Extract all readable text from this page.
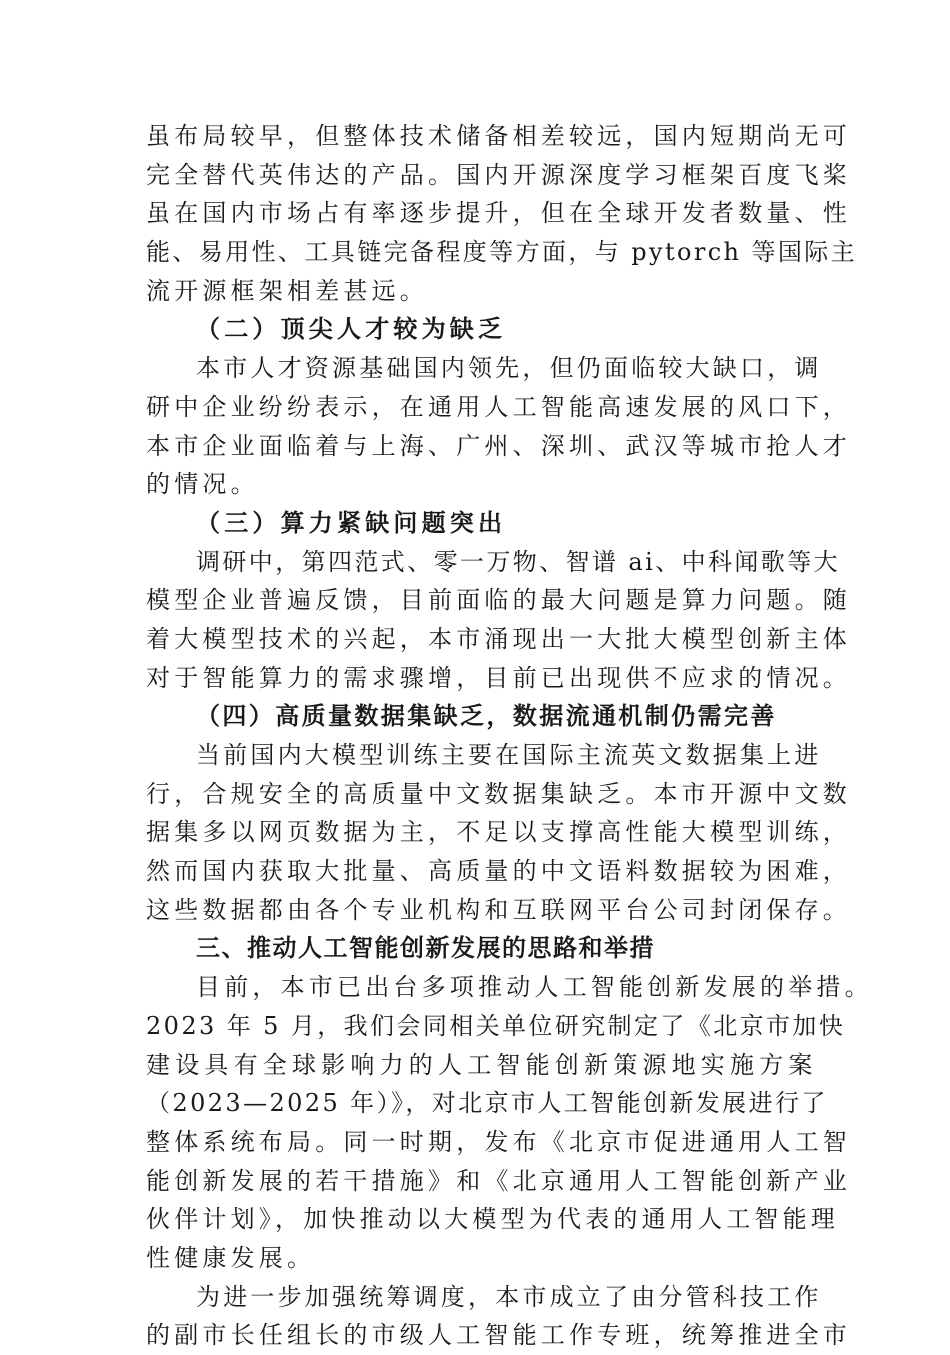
虽布局较早，但整体技术储备相差较远，国内短期尚无可
完全替代英伟达的产品。国内开源深度学习框架百度飞桨
虽在国内市场占有率逐步提升，但在全球开发者数量、性
能、易用性、工具链完备程度等方面，与 pytorch 等国际主
流开源框架相差甚远。
（二）顶尖人才较为缺乏
本市人才资源基础国内领先，但仍面临较大缺口，调
研中企业纷纷表示，在通用人工智能高速发展的风口下，
本市企业面临着与上海、广州、深圳、武汉等城市抢人才
的情况。
（三）算力紧缺问题突出
调研中，第四范式、零一万物、智谱 ai、中科闻歌等大
模型企业普遍反馈，目前面临的最大问题是算力问题。随
着大模型技术的兴起，本市涌现出一大批大模型创新主体
对于智能算力的需求骤增，目前已出现供不应求的情况。
（四）高质量数据集缺乏，数据流通机制仍需完善
当前国内大模型训练主要在国际主流英文数据集上进
行，合规安全的高质量中文数据集缺乏。本市开源中文数
据集多以网页数据为主，不足以支撑高性能大模型训练，
然而国内获取大批量、高质量的中文语料数据较为困难，
这些数据都由各个专业机构和互联网平台公司封闭保存。
三、推动人工智能创新发展的思路和举措
目前，本市已出台多项推动人工智能创新发展的举措。
2023 年 5 月，我们会同相关单位研究制定了《北京市加快
建设具有全球影响力的人工智能创新策源地实施方案
（2023—2025 年）》，对北京市人工智能创新发展进行了
整体系统布局。同一时期，发布《北京市促进通用人工智
能创新发展的若干措施》和《北京通用人工智能创新产业
伙伴计划》，加快推动以大模型为代表的通用人工智能理
性健康发展。
为进一步加强统筹调度，本市成立了由分管科技工作
的副市长任组长的市级人工智能工作专班，统筹推进全市
